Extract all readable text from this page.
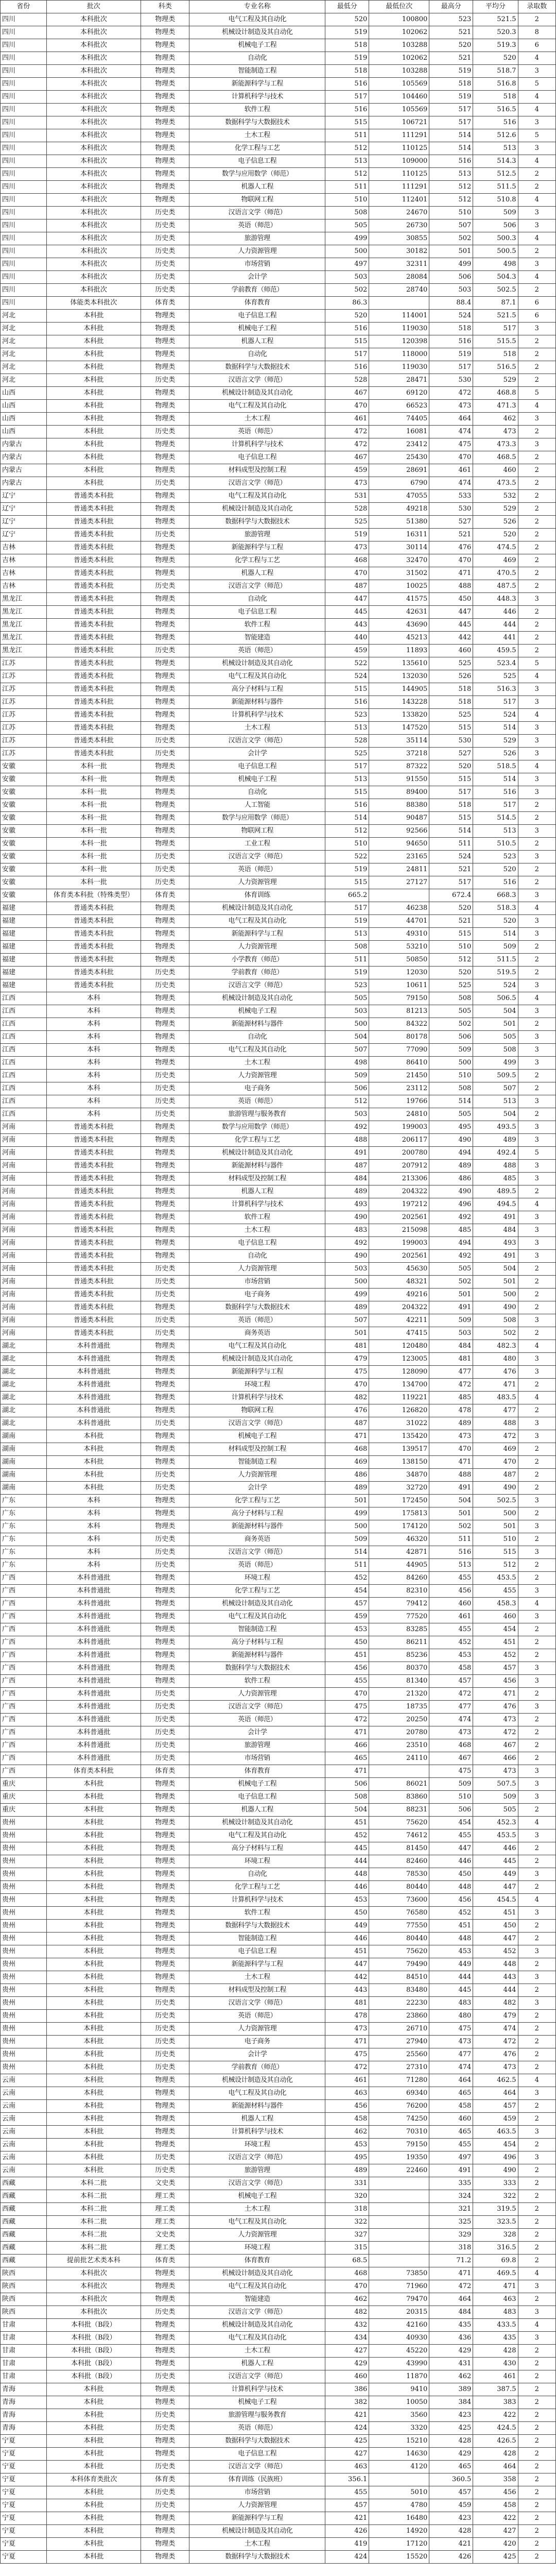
省份	批次	科类	专业名称	最低分	最低位次	最高分	平均分	录取数
四川	本科批次	物理类	电气工程及其自动化	520	100800	523	521.5	2
四川	本科批次	物理类	机械设计制造及其自动化	519	102062	521	520.3	8
四川	本科批次	物理类	机械电子工程	518	103288	520	519.3	6
四川	本科批次	物理类	自动化	519	102062	521	520	4
四川	本科批次	物理类	智能制造工程	518	103288	519	518.7	3
四川	本科批次	物理类	新能源科学与工程	516	105569	518	516.8	5
四川	本科批次	物理类	计算机科学与技术	517	104460	519	518	4
四川	本科批次	物理类	软件工程	516	105569	517	516.5	4
四川	本科批次	物理类	数据科学与大数据技术	515	106721	517	516	3
四川	本科批次	物理类	土木工程	511	111291	514	512.6	5
四川	本科批次	物理类	化学工程与工艺	512	110125	514	513	3
四川	本科批次	物理类	电子信息工程	513	109000	516	514.3	4
四川	本科批次	物理类	数学与应用数学（师范）	512	110125	513	512.5	2
四川	本科批次	物理类	机器人工程	511	111291	512	511.5	2
四川	本科批次	物理类	物联网工程	510	112401	512	510.8	4
四川	本科批次	历史类	汉语言文学（师范）	508	24670	510	509	3
四川	本科批次	历史类	英语（师范）	505	26730	507	506	3
四川	本科批次	历史类	旅游管理	499	30855	502	500.3	4
四川	本科批次	历史类	人力资源管理	500	30182	501	500.5	2
四川	本科批次	历史类	市场营销	497	32311	499	498	3
四川	本科批次	历史类	会计学	503	28084	506	504.3	4
四川	本科批次	历史类	学前教育（师范）	502	28740	503	502.5	2
四川	体能类本科批次	体育类	体育教育	86.3		88.4	87.1	6
河北	本科批	物理类	电子信息工程	520	114001	524	521.5	6
河北	本科批	物理类	机械电子工程	516	119030	518	517	3
河北	本科批	物理类	机器人工程	515	120398	516	515.5	2
河北	本科批	物理类	自动化	517	118000	519	518	2
河北	本科批	物理类	数据科学与大数据技术	516	119030	517	516.5	2
河北	本科批	历史类	汉语言文学（师范）	528	28471	530	529	2
山西	本科批	物理类	机械设计制造及其自动化	467	69120	472	468.8	5
山西	本科批	物理类	电气工程及其自动化	470	66523	473	471.3	4
山西	本科批	物理类	土木工程	461	74405	464	462	3
山西	本科批	历史类	英语（师范）	472	16081	474	473	2
内蒙古	本科批	物理类	计算机科学与技术	472	23412	475	473.3	3
内蒙古	本科批	物理类	电子信息工程	467	25430	470	468.5	2
内蒙古	本科批	物理类	材料成型及控制工程	459	28691	461	460	2
内蒙古	本科批	历史类	汉语言文学（师范）	473	6790	474	473.5	2
辽宁	普通类本科批	物理类	电气工程及其自动化	531	47055	533	532	2
辽宁	普通类本科批	物理类	机械设计制造及其自动化	528	49218	530	529	2
辽宁	普通类本科批	物理类	数据科学与大数据技术	525	51380	527	526	2
辽宁	普通类本科批	历史类	旅游管理	519	16311	521	520	2
吉林	普通类本科批	物理类	新能源科学与工程	473	30114	476	474.5	2
吉林	普通类本科批	物理类	化学工程与工艺	468	32470	470	469	2
吉林	普通类本科批	物理类	机器人工程	470	31502	471	470.5	2
吉林	普通类本科批	历史类	汉语言文学（师范）	487	10025	488	487.5	2
黑龙江	普通类本科批	物理类	自动化	447	41575	450	448.3	3
黑龙江	普通类本科批	物理类	电子信息工程	445	42631	447	446	2
黑龙江	普通类本科批	物理类	软件工程	443	43690	445	444	2
黑龙江	普通类本科批	物理类	智能建造	440	45213	442	441	2
黑龙江	普通类本科批	历史类	英语（师范）	459	11893	460	459.5	2
江苏	普通类本科批	物理类	机械设计制造及其自动化	522	135610	525	523.4	5
江苏	普通类本科批	物理类	电气工程及其自动化	524	132030	526	525	4
江苏	普通类本科批	物理类	高分子材料与工程	515	144905	518	516.3	3
江苏	普通类本科批	物理类	新能源材料与器件	516	143228	518	517	3
江苏	普通类本科批	物理类	计算机科学与技术	523	133820	525	524	4
江苏	普通类本科批	物理类	土木工程	513	147520	515	514	3
江苏	普通类本科批	历史类	汉语言文学（师范）	528	35114	530	529	3
江苏	普通类本科批	历史类	会计学	525	37218	527	526	3
安徽	本科一批	物理类	电子信息工程	517	87322	520	518.5	4
安徽	本科一批	物理类	机械电子工程	513	91550	515	514	3
安徽	本科一批	物理类	自动化	515	89400	517	516	3
安徽	本科一批	物理类	人工智能	516	88380	518	517	2
安徽	本科一批	物理类	数学与应用数学（师范）	514	90487	515	514.5	2
安徽	本科一批	物理类	物联网工程	512	92566	514	513	3
安徽	本科一批	物理类	工业工程	510	94650	511	510.5	2
安徽	本科一批	历史类	汉语言文学（师范）	522	23165	524	523	3
安徽	本科一批	历史类	英语（师范）	519	24811	521	520	2
安徽	本科一批	历史类	人力资源管理	515	27127	517	516	2
安徽	体育类本科批（特殊类型）	体育类	体育训练	665.2		672.4	668.3	3
福建	普通类本科批	物理类	机械设计制造及其自动化	517	46238	520	518.3	4
福建	普通类本科批	物理类	电气工程及其自动化	519	44701	521	520	3
福建	普通类本科批	物理类	新能源科学与工程	513	49310	515	514	3
福建	普通类本科批	物理类	人力资源管理	508	53210	510	509	2
福建	普通类本科批	物理类	小学教育（师范）	511	50850	512	511.5	2
福建	普通类本科批	历史类	学前教育（师范）	519	12030	520	519.5	2
福建	普通类本科批	历史类	汉语言文学（师范）	523	10611	525	524	3
江西	本科	物理类	机械设计制造及其自动化	505	79150	508	506.5	4
江西	本科	物理类	机械电子工程	503	81213	505	504	3
江西	本科	物理类	新能源材料与器件	500	84322	502	501	2
江西	本科	物理类	自动化	504	80178	506	505	3
江西	本科	物理类	电气工程及其自动化	507	77090	509	508	3
江西	本科	物理类	土木工程	498	86410	500	499	3
江西	本科	历史类	人力资源管理	509	21450	510	509.5	2
江西	本科	历史类	电子商务	506	23112	508	507	2
江西	本科	历史类	英语（师范）	512	19766	514	513	3
江西	本科	历史类	旅游管理与服务教育	503	24810	505	504	2
河南	普通类本科批	物理类	数学与应用数学（师范）	492	199003	495	493.5	3
河南	普通类本科批	物理类	化学工程与工艺	488	206117	490	489	3
河南	普通类本科批	物理类	机械设计制造及其自动化	491	200780	494	492.4	5
河南	普通类本科批	物理类	新能源材料与器件	487	207912	489	488	3
河南	普通类本科批	物理类	材料成型及控制工程	484	213306	486	485	3
河南	普通类本科批	物理类	机器人工程	489	204322	490	489.5	2
河南	普通类本科批	物理类	计算机科学与技术	493	197212	496	494.5	4
河南	普通类本科批	物理类	软件工程	490	202561	492	491	3
河南	普通类本科批	物理类	土木工程	483	215098	485	484	3
河南	普通类本科批	物理类	电子信息工程	492	199003	494	493	3
河南	普通类本科批	物理类	自动化	490	202561	492	491	3
河南	普通类本科批	历史类	人力资源管理	503	45630	505	504	2
河南	普通类本科批	历史类	市场营销	500	48321	502	501	2
河南	普通类本科批	历史类	电子商务	499	49216	501	500	2
河南	普通类本科批	物理类	数据科学与大数据技术	489	204322	491	490	2
河南	普通类本科批	历史类	英语（师范）	507	42211	509	508	3
河南	普通类本科批	历史类	商务英语	501	47415	503	502	2
湖北	本科普通批	物理类	电气工程及其自动化	481	120480	484	482.3	4
湖北	本科普通批	物理类	机械设计制造及其自动化	479	123005	481	480	3
湖北	本科普通批	物理类	新能源科学与工程	475	128090	477	476	3
湖北	本科普通批	物理类	环境工程	470	134700	472	471	2
湖北	本科普通批	物理类	计算机科学与技术	482	119221	485	483.5	4
湖北	本科普通批	物理类	物联网工程	476	126820	478	477	2
湖北	本科普通批	历史类	汉语言文学（师范）	487	31022	489	488	3
湖南	本科批	物理类	机械电子工程	471	135420	473	472	3
湖南	本科批	物理类	材料成型及控制工程	468	139517	470	469	2
湖南	本科批	物理类	智能制造工程	469	138150	471	470	2
湖南	本科批	历史类	人力资源管理	486	34870	488	487	2
湖南	本科批	历史类	会计学	489	32720	491	490	2
广东	本科	物理类	化学工程与工艺	501	172450	504	502.5	3
广东	本科	物理类	高分子材料与工程	499	175813	501	500	2
广东	本科	物理类	新能源材料与器件	500	174120	502	501	3
广东	本科	历史类	商务英语	509	46320	511	510	2
广东	本科	历史类	汉语言文学（师范）	514	42871	516	515	3
广东	本科	历史类	英语（师范）	511	44905	513	512	2
广西	本科普通批	物理类	环境工程	452	84260	455	453.5	2
广西	本科普通批	物理类	化学工程与工艺	454	82310	456	455	3
广西	本科普通批	物理类	机械设计制造及其自动化	457	79412	460	458.3	4
广西	本科普通批	物理类	电气工程及其自动化	459	77520	461	460	3
广西	本科普通批	物理类	智能制造工程	453	83285	455	454	2
广西	本科普通批	物理类	高分子材料与工程	450	86211	452	451	2
广西	本科普通批	物理类	新能源材料与器件	451	85236	453	452	2
广西	本科普通批	物理类	数据科学与大数据技术	456	80370	458	457	3
广西	本科普通批	物理类	软件工程	455	81340	457	456	3
广西	本科普通批	历史类	人力资源管理	470	21320	472	471	2
广西	本科普通批	历史类	汉语言文学（师范）	475	18735	477	476	3
广西	本科普通批	历史类	英语（师范）	472	20250	474	473	2
广西	本科普通批	历史类	会计学	471	20780	473	472	2
广西	本科普通批	历史类	旅游管理	466	23510	468	467	2
广西	本科普通批	历史类	市场营销	465	24110	467	466	2
广西	体育类本科批	体育类	体育教育	471		475	473	3
重庆	本科批	物理类	机械电子工程	506	86021	509	507.5	3
重庆	本科批	物理类	电子信息工程	508	83860	510	509	3
重庆	本科批	物理类	机器人工程	504	88231	506	505	2
贵州	本科批	物理类	机械设计制造及其自动化	451	75620	454	452.3	4
贵州	本科批	物理类	电气工程及其自动化	452	74612	455	453.5	3
贵州	本科批	物理类	高分子材料与工程	445	81450	447	446	2
贵州	本科批	物理类	环境工程	444	82460	446	445	2
贵州	本科批	物理类	自动化	448	78530	450	449	3
贵州	本科批	物理类	化学工程与工艺	446	80440	448	447	2
贵州	本科批	物理类	计算机科学与技术	453	73600	456	454.5	4
贵州	本科批	物理类	软件工程	450	76580	452	451	3
贵州	本科批	物理类	数据科学与大数据技术	449	77550	451	450	2
贵州	本科批	物理类	智能制造工程	446	80440	448	447	2
贵州	本科批	物理类	电子信息工程	451	75620	453	452	3
贵州	本科批	物理类	新能源科学与工程	447	79490	449	448	2
贵州	本科批	物理类	土木工程	442	84510	444	443	3
贵州	本科批	物理类	材料成型及控制工程	443	83480	445	444	2
贵州	本科批	历史类	汉语言文学（师范）	481	22230	483	482	3
贵州	本科批	历史类	英语（师范）	478	23860	480	479	2
贵州	本科批	历史类	人力资源管理	473	26710	475	474	2
贵州	本科批	历史类	电子商务	471	27940	473	472	2
贵州	本科批	历史类	会计学	475	25560	477	476	2
贵州	本科批	历史类	学前教育（师范）	472	27310	474	473	2
云南	本科批	物理类	机械设计制造及其自动化	461	71280	464	462.5	4
云南	本科批	物理类	电气工程及其自动化	463	69340	465	464	3
云南	本科批	物理类	新能源材料与器件	456	76200	458	457	2
云南	本科批	物理类	机器人工程	458	74250	460	459	2
云南	本科批	物理类	计算机科学与技术	462	70310	465	463.5	3
云南	本科批	物理类	环境工程	453	79150	455	454	2
云南	本科批	历史类	汉语言文学（师范）	495	19350	497	496	3
云南	本科批	历史类	旅游管理	489	22460	491	490	2
西藏	本科二批	文史类	汉语言文学（师范）	331		335	333	2
西藏	本科二批	理工类	机械电子工程	320		324	322	2
西藏	本科二批	理工类	土木工程	318		321	319.5	2
西藏	本科二批	理工类	电气工程及其自动化	322		325	323.5	2
西藏	本科二批	文史类	人力资源管理	327		329	328	2
西藏	本科二批	理工类	环境工程	315		318	316.5	2
西藏	提前批艺术类本科	体育类	体育教育	68.5		71.2	69.8	2
陕西	本科批次	物理类	机械设计制造及其自动化	468	73850	471	469.5	4
陕西	本科批次	物理类	电气工程及其自动化	470	71960	472	471	3
陕西	本科批次	物理类	智能建造	462	79470	464	463	2
陕西	本科批次	历史类	汉语言文学（师范）	482	20315	484	483	3
甘肃	本科批（B段）	物理类	机械设计制造及其自动化	432	42160	435	433.5	4
甘肃	本科批（B段）	物理类	电气工程及其自动化	434	40930	436	435	3
甘肃	本科批（B段）	物理类	土木工程	427	45220	429	428	2
甘肃	本科批（B段）	物理类	机器人工程	429	43990	431	430	2
甘肃	本科批（B段）	历史类	汉语言文学（师范）	460	11870	462	461	2
青海	本科批	物理类	计算机科学与技术	386	9410	389	387.5	2
青海	本科批	物理类	机械电子工程	382	10050	384	383	2
青海	本科批	历史类	旅游管理与服务教育	421	3560	423	422	2
青海	本科批	历史类	英语（师范）	424	3320	425	424.5	2
宁夏	本科批	物理类	数据科学与大数据技术	425	15210	428	426.5	2
宁夏	本科批	物理类	电子信息工程	427	14630	429	428	2
宁夏	本科批	历史类	汉语言文学（师范）	463	4120	465	464	2
宁夏	本科体育类批次	体育类	体育训练（民族班）	356.1		360.5	358	2
宁夏	本科批	历史类	市场营销	455	5010	457	456	2
宁夏	本科批	历史类	人力资源管理	457	4780	459	458	2
宁夏	本科批	物理类	新能源科学与工程	421	16480	423	422	2
宁夏	本科批	物理类	机械设计制造及其自动化	426	14920	428	427	2
宁夏	本科批	物理类	土木工程	419	17120	421	420	2
宁夏	本科批	物理类	数据科学与大数据技术	424	15520	426	425	2
